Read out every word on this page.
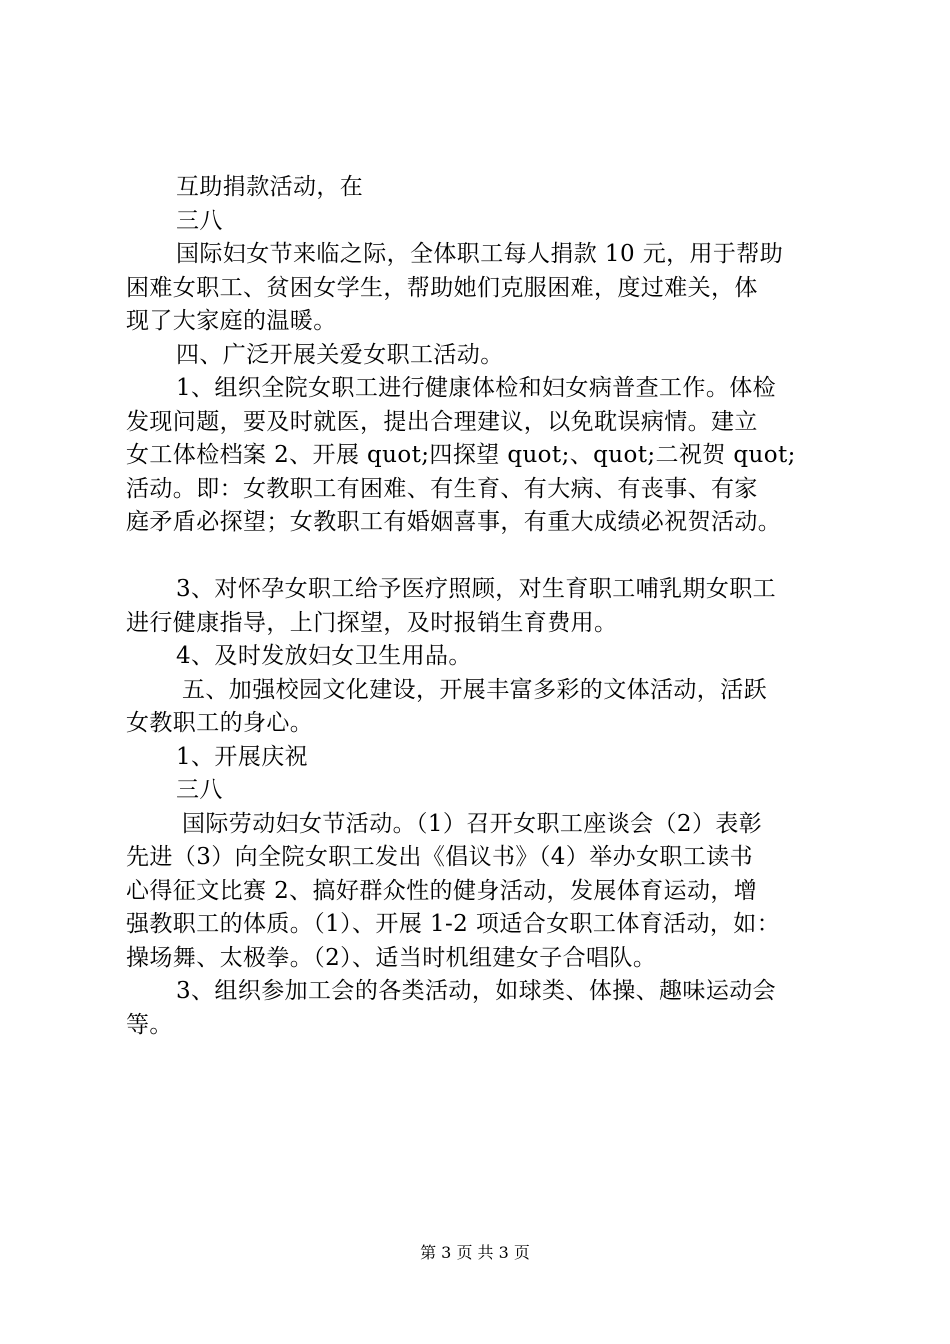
互助捐款活动，在
三八
国际妇女节来临之际，全体职工每人捐款 10 元，用于帮助
困难女职工、贫困女学生，帮助她们克服困难，度过难关，体
现了大家庭的温暖。
四、广泛开展关爱女职工活动。
1、组织全院女职工进行健康体检和妇女病普查工作。体检
发现问题，要及时就医，提出合理建议，以免耽误病情。建立
女工体检档案 2、开展 quot;四探望 quot;、quot;二祝贺 quot;
活动。即：女教职工有困难、有生育、有大病、有丧事、有家
庭矛盾必探望；女教职工有婚姻喜事，有重大成绩必祝贺活动。
3、对怀孕女职工给予医疗照顾，对生育职工哺乳期女职工
进行健康指导，上门探望，及时报销生育费用。
4、及时发放妇女卫生用品。
五、加强校园文化建设，开展丰富多彩的文体活动，活跃
女教职工的身心。
1、开展庆祝
三八
国际劳动妇女节活动。（1）召开女职工座谈会（2）表彰
先进（3）向全院女职工发出《倡议书》（4）举办女职工读书
心得征文比赛 2、搞好群众性的健身活动，发展体育运动，增
强教职工的体质。（1）、开展 1-2 项适合女职工体育活动，如：
操场舞、太极拳。（2）、适当时机组建女子合唱队。
3、组织参加工会的各类活动，如球类、体操、趣味运动会
等。
第 3 页 共 3 页
